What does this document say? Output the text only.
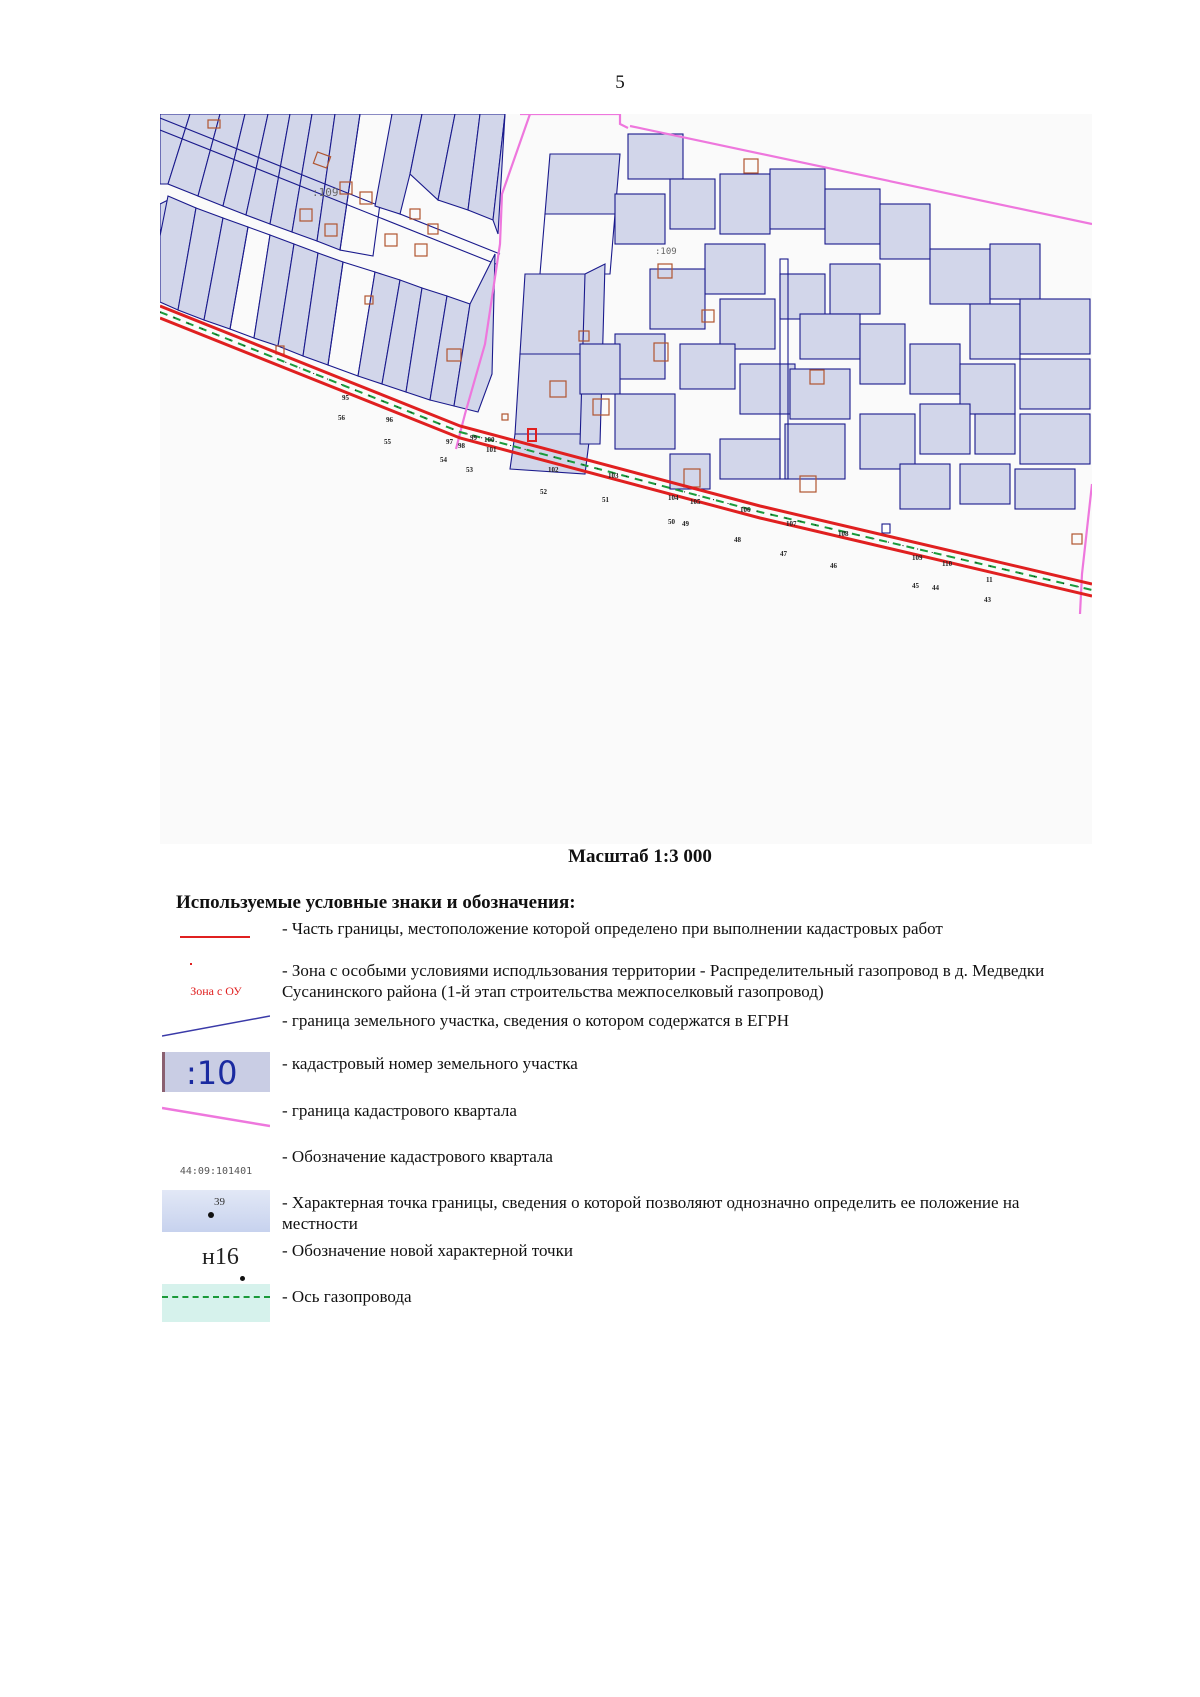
5
:109
:109
95
56	96
55	97 98
99 100
101
54
53	102
52
103
51	104 105
50 49
106
48
107
47
108
46
109
110
45 44
43
11
Масштаб 1:3 000
Используемые условные знаки и обозначения:
- Часть границы, местоположение которой определено при выполнении кадастровых работ
Зона с ОУ
- Зона с особыми условиями исподльзования территории - Распределительный газопровод в д. Медведки Сусанинского района (1-й этап строительства межпоселковый газопровод)
- граница земельного участка, сведения о котором содержатся в ЕГРН
:10	- кадастровый номер земельного участка
- граница кадастрового квартала
44:09:101401
- Обозначение кадастрового квартала
39	- Характерная точка границы, сведения о которой позволяют однозначно определить ее положение на местности
н16	- Обозначение новой характерной точки
- Ось газопровода
